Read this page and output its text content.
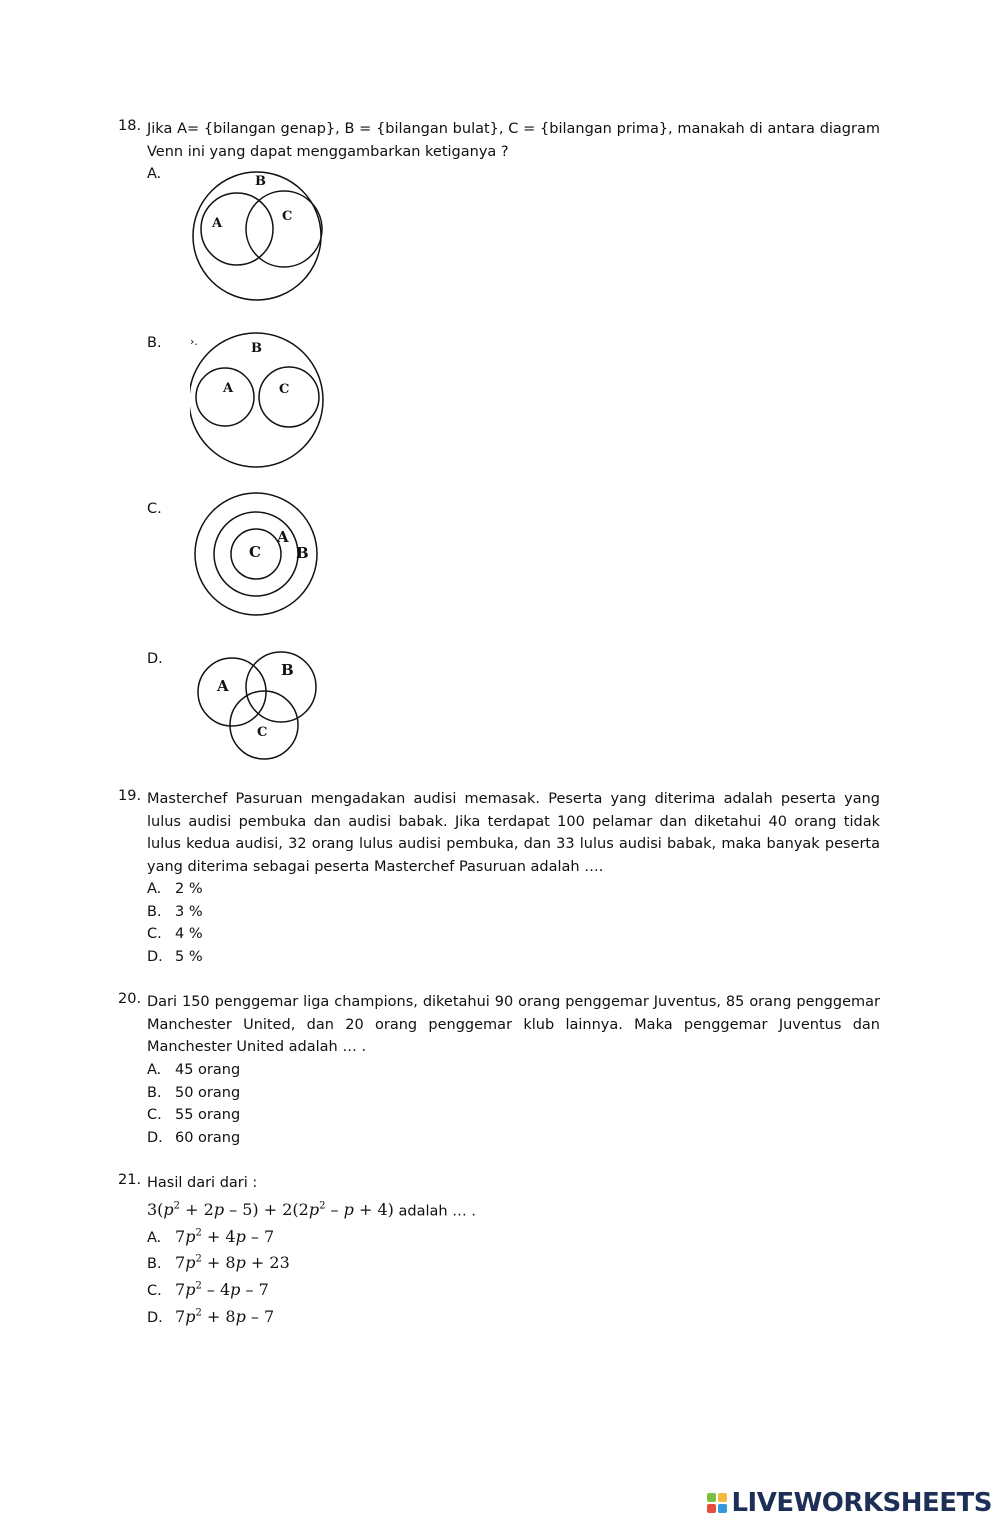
18. Jika A= {bilangan genap}, B = {bilangan bulat}, C = {bilangan prima}, manakah di antara diagram Venn ini yang dapat menggambarkan ketiganya ?
A.	B
A	C
B.	›.	B
A	C
C.
C
A
B
D.
A
B
C
19. Masterchef Pasuruan mengadakan audisi memasak. Peserta yang diterima adalah peserta yang lulus audisi pembuka dan audisi babak. Jika terdapat 100 pelamar dan diketahui 40 orang tidak lulus kedua audisi, 32 orang lulus audisi pembuka, dan 33 lulus audisi babak, maka banyak peserta yang diterima sebagai peserta Masterchef Pasuruan adalah ….
A. 2 %
B. 3 %
C. 4 %
D. 5 %
20. Dari 150 penggemar liga champions, diketahui 90 orang penggemar Juventus, 85 orang penggemar Manchester United, dan 20 orang penggemar klub lainnya. Maka penggemar Juventus dan Manchester United adalah … .
A. 45 orang
B. 50 orang
C. 55 orang
D. 60 orang
21. Hasil dari dari :
$3(p^2 + 2p - 5) + 2(2p^2 - p + 4)$ adalah … .
A. $7p^2 + 4p - 7$
B. $7p^2 + 8p + 23$
C. $7p^2 - 4p - 7$
D. $7p^2 + 8p - 7$
LIVEWORKSHEETS
